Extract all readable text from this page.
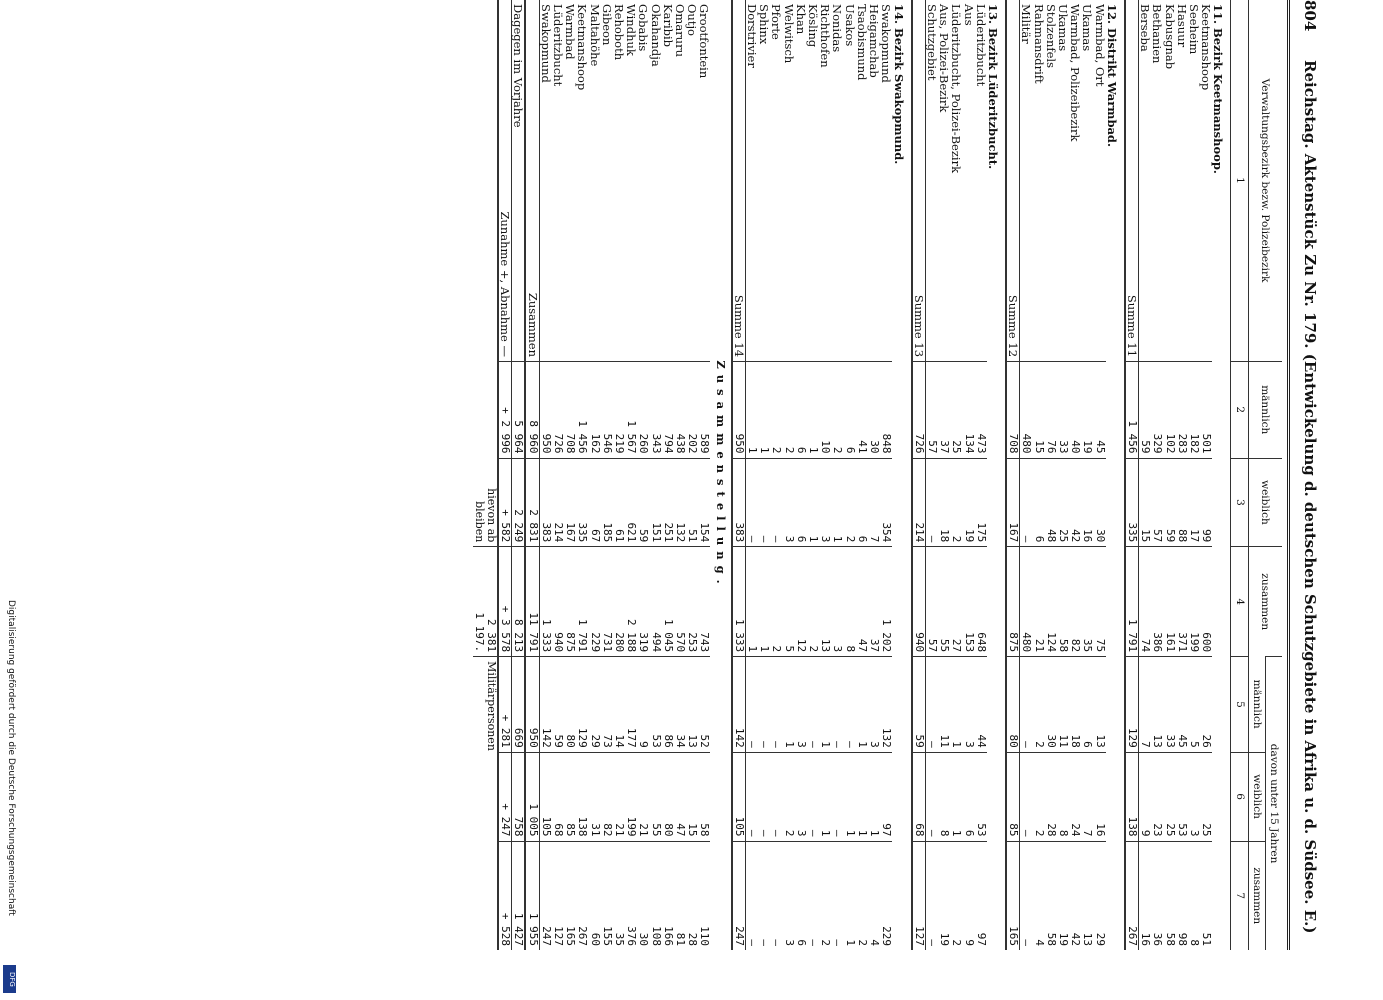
804
Reichstag. Aktenstück Zu Nr. 179. (Entwickelung d. deutschen Schutzgebiete in Afrika u. d. Südsee. E.)
Verwaltungsbezirk bezw. Polizeibezirk	männlich	weiblich	zusammen	davon unter 15 Jahren		
				männlich	weiblich	zusammen
1	2	3	4	5	6	7
11. Bezirk Keetmanshoop.						
Keetmanshoop	501	99	600	26	25	51
Seeheim	182	17	199	5	3	8
Hasuur	283	88	371	45	53	98
Kabusgnab	102	59	161	33	25	58
Bethanien	329	57	386	13	23	36
Berseba	59	15	74	7	9	16
Summe 11	1 456	335	1 791	129	138	267
12. Distrikt Warmbad.						
Warmbad, Ort	45	30	75	13	16	29
Ukamas	19	16	35	6	7	13
Warmbad, Polizeibezirk	40	42	82	18	24	42
Ukamas	33	25	58	11	8	19
Stolzenfels	76	48	124	30	28	58
Rahmansdrift	15	6	21	2	2	4
Militär	480	—	480	—	—	—
Summe 12	708	167	875	80	85	165
13. Bezirk Lüderitzbucht.						
Lüderitzbucht	473	175	648	44	53	97
Aus	134	19	153	3	6	9
Lüderitzbucht, Polizei-Bezirk	25	2	27	1	1	2
Aus, Polizei-Bezirk	37	18	55	11	8	19
Schutzgebiet	57	—	57	—	—	—
Summe 13	726	214	940	59	68	127
14. Bezirk Swakopmund.						
Swakopmund	848	354	1 202	132	97	229
Heigamchab	30	7	37	3	1	4
Tsaobismund	41	6	47	1	1	2
Usakos	6	2	8	—	1	1
Nonidas	2	1	3	—	—	—
Richthofen	10	3	13	1	1	2
Kösling	1	1	2	—	—	—
Khan	6	6	12	3	3	6
Welwitsch	2	3	5	1	2	3
Pforte	2	—	2	—	—	—
Sphinx	1	—	1	—	—	—
Dorstrivier	1	—	1	—	—	—
Summe 14	950	383	1 333	142	105	247
Zusammenstellung.						
Grootfontein	589	154	743	52	58	110
Outjo	202	51	253	13	15	28
Omaruru	438	132	570	34	47	81
Karibib	794	251	1 045	86	80	166
Okahandja	343	151	494	53	55	108
Gobabis	260	59	319	9	21	30
Windhuk	1 567	621	2 188	177	199	376
Rehoboth	219	61	280	14	21	35
Gibeon	546	185	731	73	82	155
Maltahöhe	162	67	229	29	31	60
Keetmanshoop	1 456	335	1 791	129	138	267
Warmbad	708	167	875	80	85	165
Lüderitzbucht	726	214	940	59	68	127
Swakopmund	950	383	1 333	142	105	247
Zusammen	8 960	2 831	11 791	950	1 005	1 955
Dagegen im Vorjahre	5 964	2 249	8 213	669	758	1 427
Zunahme +, Abnahme —	+ 2 996	+ 582	+ 3 578	+ 281	+ 247	+ 528
hievon ab			2 381	Militärpersonen		
bleiben			1 197.			
Digitalisierung gefördert durch die Deutsche Forschungsgemeinschaft
DFG
